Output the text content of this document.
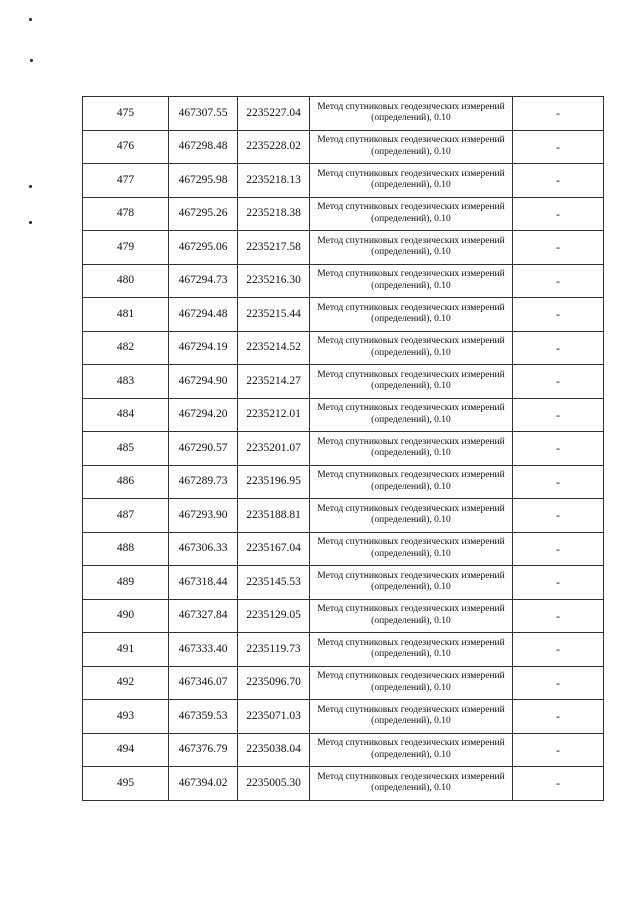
475	467307.55	2235227.04	Метод спутниковых геодезических измерений (определений), 0.10	-
476	467298.48	2235228.02	Метод спутниковых геодезических измерений (определений), 0.10	-
477	467295.98	2235218.13	Метод спутниковых геодезических измерений (определений), 0.10	-
478	467295.26	2235218.38	Метод спутниковых геодезических измерений (определений), 0.10	-
479	467295.06	2235217.58	Метод спутниковых геодезических измерений (определений), 0.10	-
480	467294.73	2235216.30	Метод спутниковых геодезических измерений (определений), 0.10	-
481	467294.48	2235215.44	Метод спутниковых геодезических измерений (определений), 0.10	-
482	467294.19	2235214.52	Метод спутниковых геодезических измерений (определений), 0.10	-
483	467294.90	2235214.27	Метод спутниковых геодезических измерений (определений), 0.10	-
484	467294.20	2235212.01	Метод спутниковых геодезических измерений (определений), 0.10	-
485	467290.57	2235201.07	Метод спутниковых геодезических измерений (определений), 0.10	-
486	467289.73	2235196.95	Метод спутниковых геодезических измерений (определений), 0.10	-
487	467293.90	2235188.81	Метод спутниковых геодезических измерений (определений), 0.10	-
488	467306.33	2235167.04	Метод спутниковых геодезических измерений (определений), 0.10	-
489	467318.44	2235145.53	Метод спутниковых геодезических измерений (определений), 0.10	-
490	467327.84	2235129.05	Метод спутниковых геодезических измерений (определений), 0.10	-
491	467333.40	2235119.73	Метод спутниковых геодезических измерений (определений), 0.10	-
492	467346.07	2235096.70	Метод спутниковых геодезических измерений (определений), 0.10	-
493	467359.53	2235071.03	Метод спутниковых геодезических измерений (определений), 0.10	-
494	467376.79	2235038.04	Метод спутниковых геодезических измерений (определений), 0.10	-
495	467394.02	2235005.30	Метод спутниковых геодезических измерений (определений), 0.10	-
